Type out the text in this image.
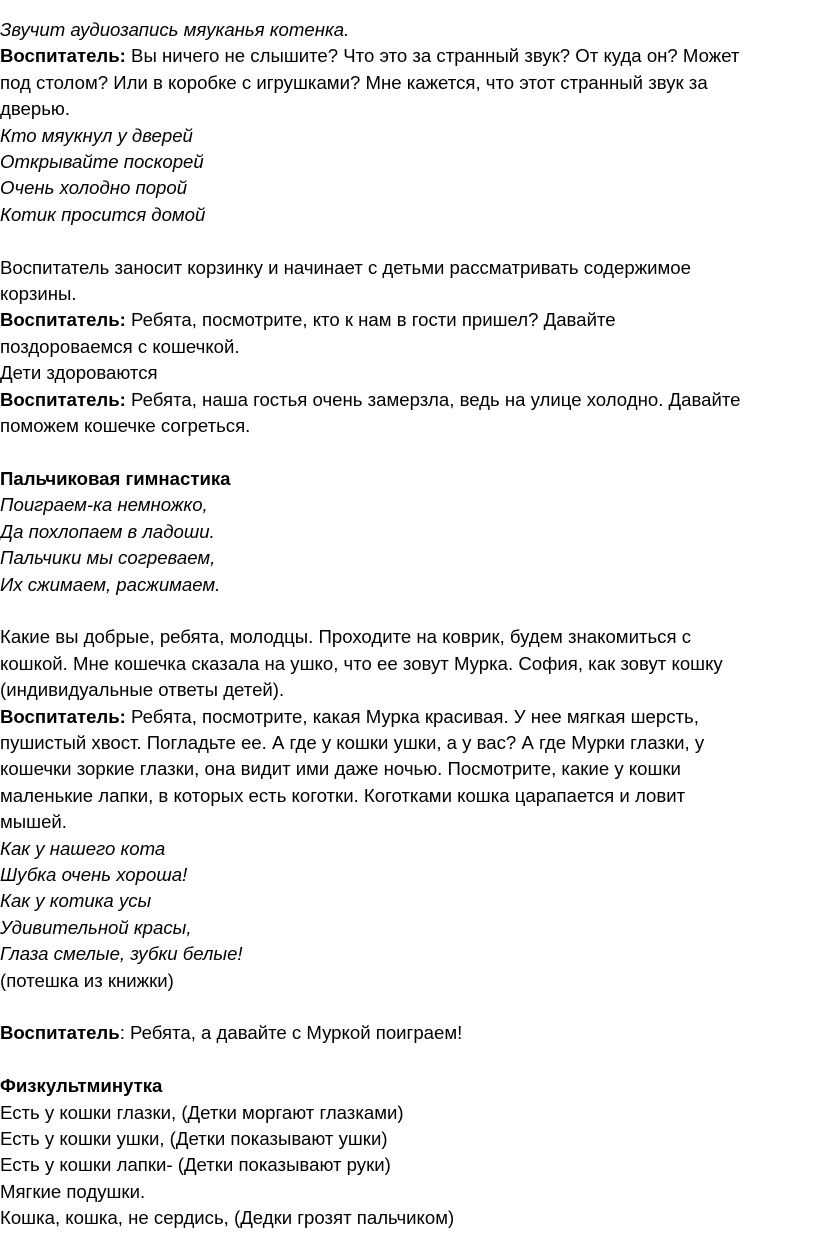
Звучит аудиозапись мяуканья котенка.
Воспитатель: Вы ничего не слышите? Что это за странный звук? От куда он? Может
под столом? Или в коробке с игрушками? Мне кажется, что этот странный звук за
дверью.
Кто мяукнул у дверей
Открывайте поскорей
Очень холодно порой
Котик просится домой
Воспитатель заносит корзинку и начинает с детьми рассматривать содержимое
корзины.
Воспитатель: Ребята, посмотрите, кто к нам в гости пришел? Давайте
поздороваемся с кошечкой.
Дети здороваются
Воспитатель: Ребята, наша гостья очень замерзла, ведь на улице холодно. Давайте
поможем кошечке согреться.
Пальчиковая гимнастика
Поиграем-ка немножко,
Да похлопаем в ладоши.
Пальчики мы согреваем,
Их сжимаем, расжимаем.
Какие вы добрые, ребята, молодцы. Проходите на коврик, будем знакомиться с
кошкой. Мне кошечка сказала на ушко, что ее зовут Мурка. София, как зовут кошку
(индивидуальные ответы детей).
Воспитатель: Ребята, посмотрите, какая Мурка красивая. У нее мягкая шерсть,
пушистый хвост. Погладьте ее. А где у кошки ушки, а у вас? А где Мурки глазки, у
кошечки зоркие глазки, она видит ими даже ночью. Посмотрите, какие у кошки
маленькие лапки, в которых есть коготки. Коготками кошка царапается и ловит
мышей.
Как у нашего кота
Шубка очень хороша!
Как у котика усы
Удивительной красы,
Глаза смелые, зубки белые!
(потешка из книжки)
Воспитатель: Ребята, а давайте с Муркой поиграем!
Физкультминутка
Есть у кошки глазки, (Детки моргают глазками)
Есть у кошки ушки, (Детки показывают ушки)
Есть у кошки лапки- (Детки показывают руки)
Мягкие подушки.
Кошка, кошка, не сердись, (Дедки грозят пальчиком)
